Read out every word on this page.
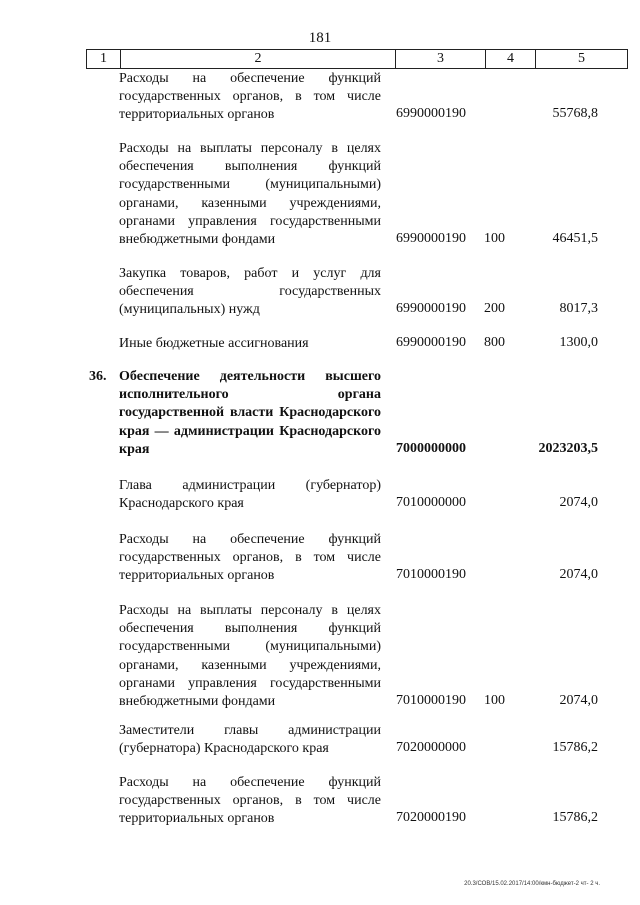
181
1	2	3	4	5
Расходы на обеспечение функций государственных органов, в том числе территориальных органов	6990000190	55768,8
Расходы на выплаты персоналу в целях обеспечения выполнения функций государственными (муниципальными) органами, казенными учреждениями, органами управления государственными внебюджетными фондами	6990000190 100	46451,5
Закупка товаров, работ и услуг для обеспечения государственных (муниципальных) нужд	6990000190 200	8017,3
Иные бюджетные ассигнования	6990000190 800	1300,0
36. Обеспечение деятельности высшего исполнительного органа государственной власти Краснодарского края — администрации Краснодарского края	7000000000	2023203,5
Глава администрации (губернатор) Краснодарского края	7010000000	2074,0
Расходы на обеспечение функций государственных органов, в том числе территориальных органов	7010000190	2074,0
Расходы на выплаты персоналу в целях обеспечения выполнения функций государственными (муниципальными) органами, казенными учреждениями, органами управления государственными внебюджетными фондами	7010000190 100	2074,0
Заместители главы администрации (губернатора) Краснодарского края	7020000000	15786,2
Расходы на обеспечение функций государственных органов, в том числе территориальных органов	7020000190	15786,2
20.3/СОВ/15.02.2017/14:00/кмн-бюджет-2 чт- 2 ч.
